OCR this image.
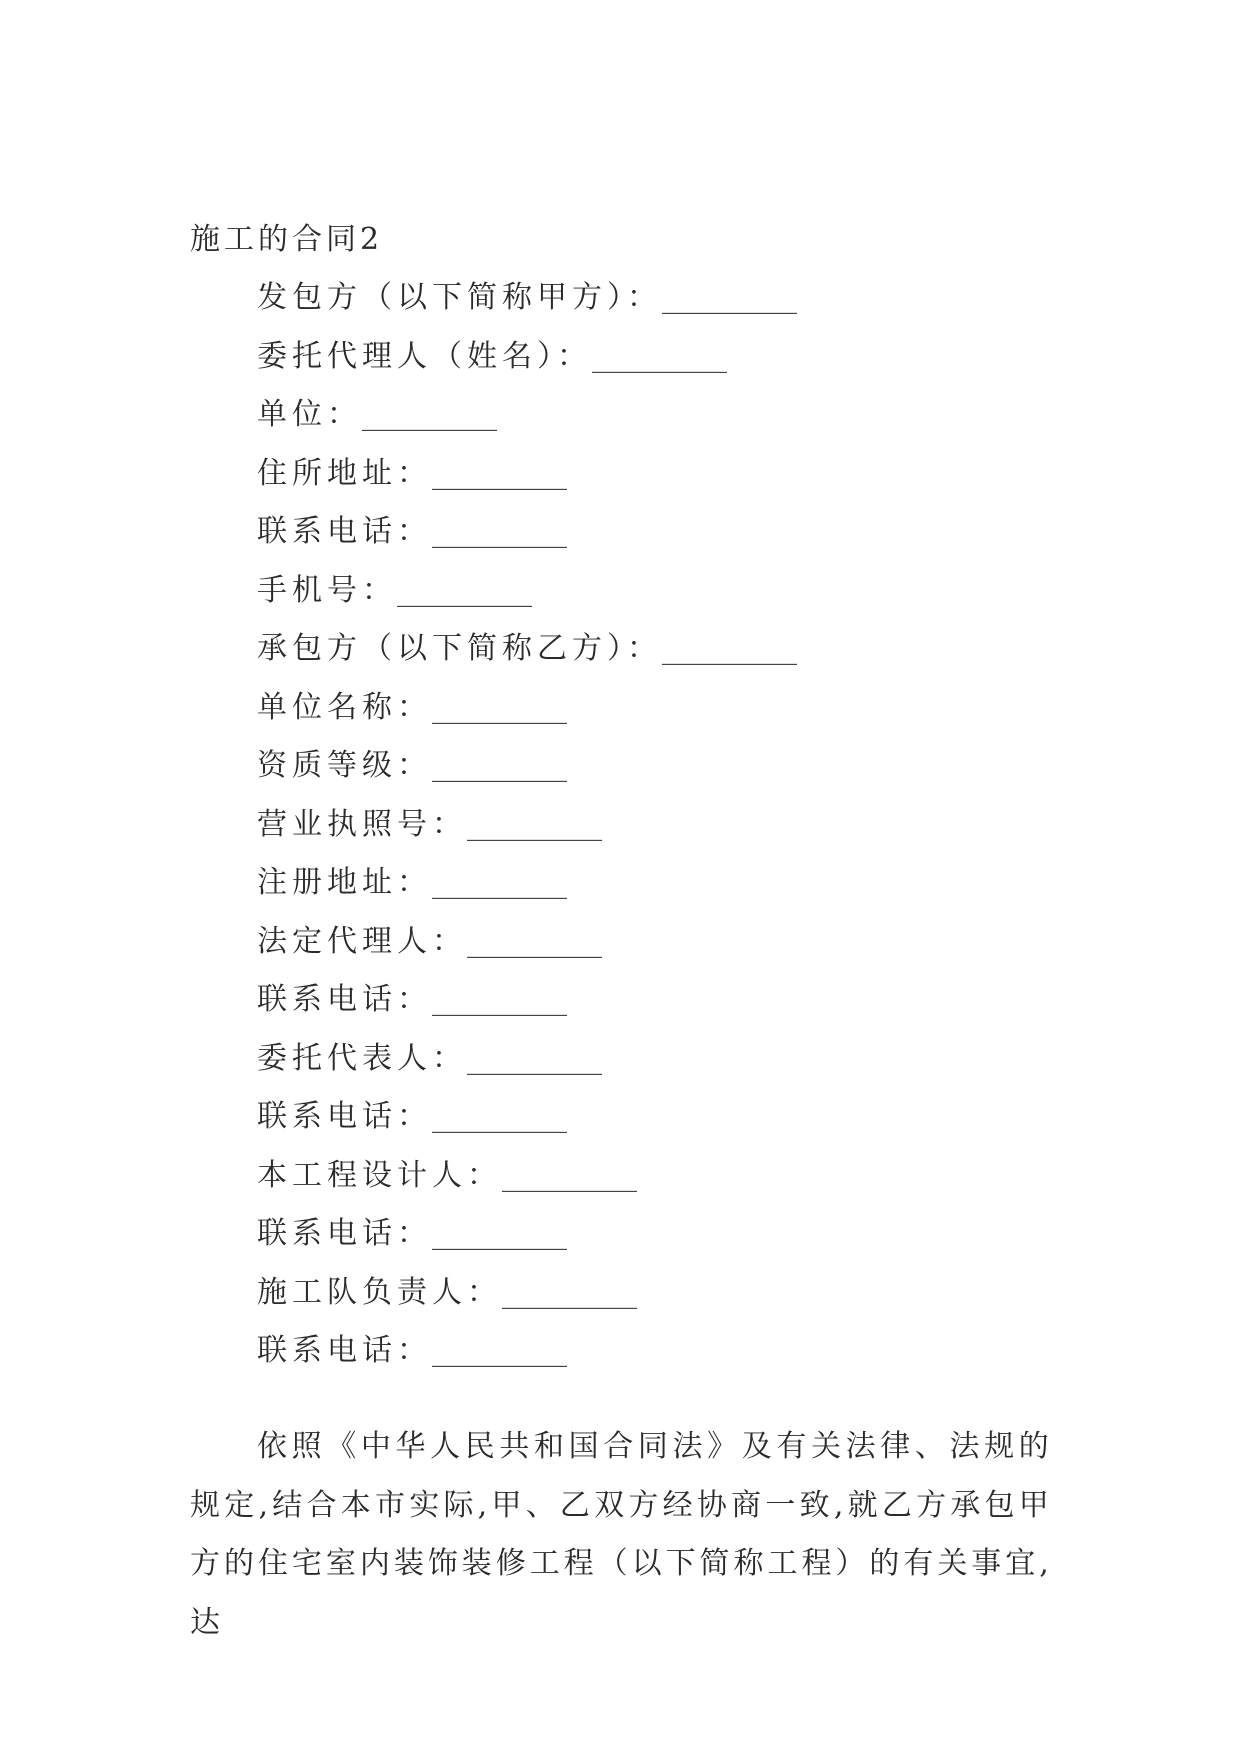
施工的合同2
发包方（以下简称甲方）：_________
委托代理人（姓名）：_________
单位：_________
住所地址：_________
联系电话：_________
手机号：_________
承包方（以下简称乙方）：_________
单位名称：_________
资质等级：_________
营业执照号：_________
注册地址：_________
法定代理人：_________
联系电话：_________
委托代表人：_________
联系电话：_________
本工程设计人：_________
联系电话：_________
施工队负责人：_________
联系电话：_________

依照《中华人民共和国合同法》及有关法律、法规的规定,结合本市实际,甲、乙双方经协商一致,就乙方承包甲方的住宅室内装饰装修工程（以下简称工程）的有关事宜,达
